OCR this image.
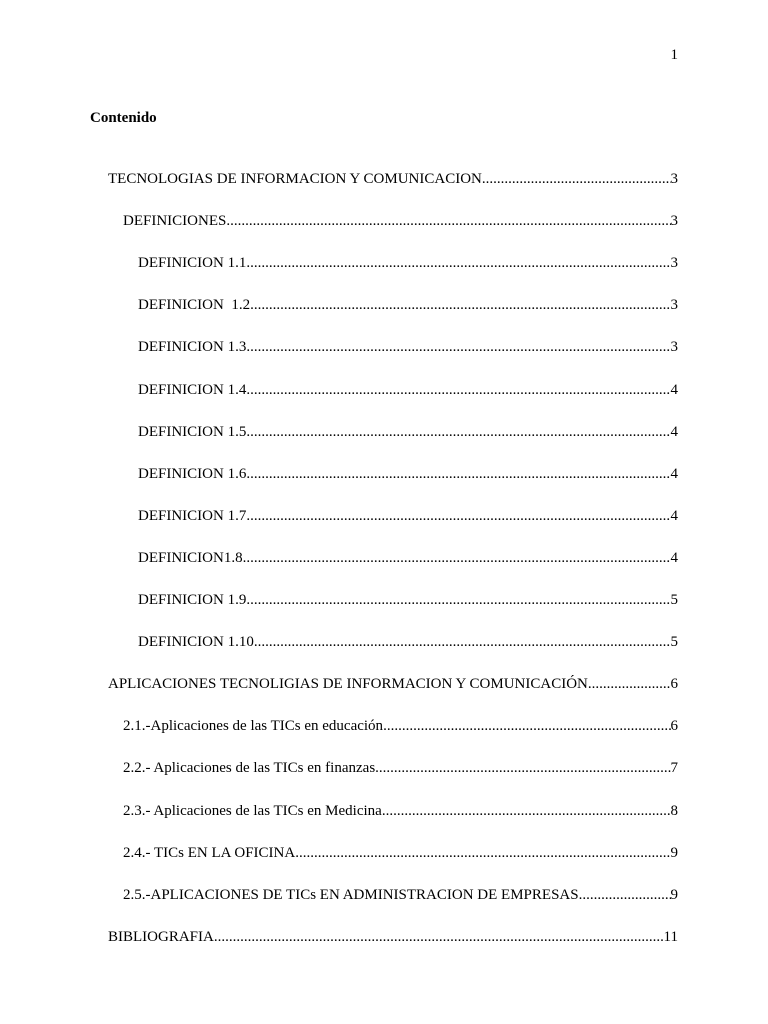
1
Contenido
TECNOLOGIAS DE INFORMACION Y COMUNICACION .....	3
DEFINICIONES .....	3
DEFINICION 1.1 .....	3
DEFINICION  1.2 .....	3
DEFINICION 1.3 .....	3
DEFINICION 1.4 .....	4
DEFINICION 1.5 .....	4
DEFINICION 1.6 .....	4
DEFINICION 1.7 .....	4
DEFINICION1.8 .....	4
DEFINICION 1.9 .....	5
DEFINICION 1.10 .....	5
APLICACIONES TECNOLIGIAS DE INFORMACION Y COMUNICACIÓN .....	6
2.1.-Aplicaciones de las TICs en educación .....	6
2.2.- Aplicaciones de las TICs en finanzas .....	7
2.3.- Aplicaciones de las TICs en Medicina .....	8
2.4.- TICs EN LA OFICINA .....	9
2.5.-APLICACIONES DE TICs EN ADMINISTRACION DE EMPRESAS .....	9
BIBLIOGRAFIA .....	11
